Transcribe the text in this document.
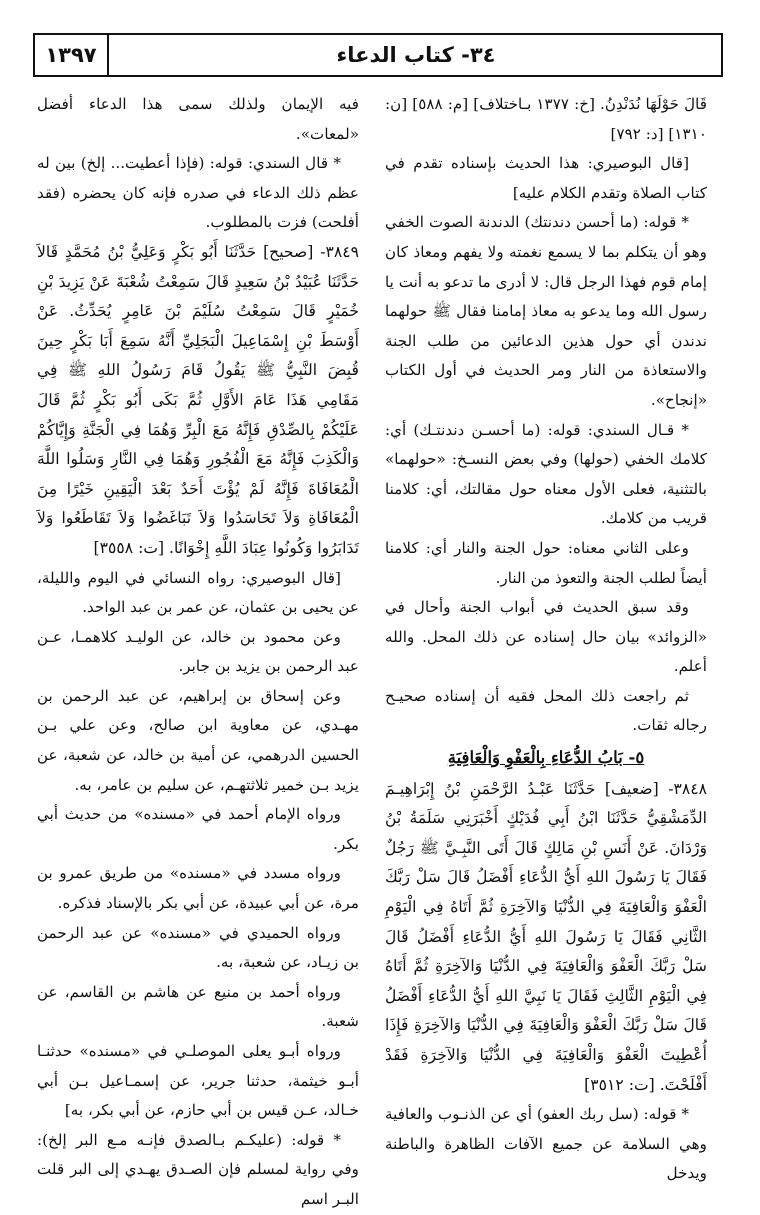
١٣٩٧	٣٤- كتاب الدعاء

قَالَ حَوْلَهَا نُدَنْدِنُ. [خ: ١٣٧٧ بـاختلاف] [م: ٥٨٨] [ن: ١٣١٠] [د: ٧٩٢]

[قال البوصيري: هذا الحديث بإسناده تقدم في كتاب الصلاة وتقدم الكلام عليه]

* قوله: (ما أحسن دندنتك) الدندنة الصوت الخفي وهو أن يتكلم بما لا يسمع نغمته ولا يفهم ومعاذ كان إمام قوم فهذا الرجل قال: لا أدرى ما تدعو به أنت يا رسول الله وما يدعو به معاذ إمامنا فقال ﷺ حولهما ندندن أي حول هذين الدعائين من طلب الجنة والاستعاذة من النار ومر الحديث في أول الكتاب «إنجاح».

* قـال السندي: قوله: (ما أحسـن دندنتـك) أي: كلامك الخفي (حولها) وفي بعض النسـخ: «حولهما» بالتثنية، فعلى الأول معناه حول مقالتك، أي: كلامنا قريب من كلامك.

وعلى الثاني معناه: حول الجنة والنار أي: كلامنا أيضاً لطلب الجنة والتعوذ من النار.

وقد سبق الحديث في أبواب الجنة وأحال في «الزوائد» بيان حال إسناده عن ذلك المحل. والله أعلم.

ثم راجعت ذلك المحل فقيه أن إسناده صحيـح رجاله ثقات.

٥- بَابُ الدُّعَاءِ بِالْعَفْوِ وَالْعَافِيَةِ

٣٨٤٨- [ضعيف] حَدَّثَنَا عَبْـدُ الرَّحْمَنِ بْنُ إِبْرَاهِيـمَ الدِّمَشْقِيُّ حَدَّثَنَا ابْنُ أَبِي فُدَيْكٍ أَخْبَرَنِي سَلَمَةُ بْنُ وَرْدَانَ. عَنْ أَنَسِ بْنِ مَالِكٍ قَالَ أَتَى النَّبِـيَّ ﷺ رَجُلٌ فَقَالَ يَا رَسُولَ اللهِ أَيُّ الدُّعَاءِ أَفْضَلُ قَالَ سَلْ رَبَّكَ الْعَفْوَ وَالْعَافِيَةَ فِي الدُّنْيَا وَالآخِرَةِ ثُمَّ أَتَاهُ فِي الْيَوْمِ الثَّانِي فَقَالَ يَا رَسُولَ اللهِ أَيُّ الدُّعَاءِ أَفْضَلُ قَالَ سَلْ رَبَّكَ الْعَفْوَ وَالْعَافِيَةَ فِي الدُّنْيَا وَالآخِرَةِ ثُمَّ أَتَاهُ فِي الْيَوْمِ الثَّالِثِ فَقَالَ يَا نَبِيَّ اللهِ أَيُّ الدُّعَاءِ أَفْضَلُ قَالَ سَلْ رَبَّكَ الْعَفْوَ وَالْعَافِيَةَ فِي الدُّنْيَا وَالآخِرَةِ فَإِذَا أُعْطِيتَ الْعَفْوَ وَالْعَافِيَةَ فِي الدُّنْيَا وَالآخِرَةِ فَقَدْ أَفْلَحْتَ. [ت: ٣٥١٢]

* قوله: (سل ربك العفو) أي عن الذنـوب والعافية وهي السلامة عن جميع الآفات الظاهرة والباطنة ويدخل

فيه الإيمان ولذلك سمى هذا الدعاء أفضل «لمعات».

* قال السندي: قوله: (فإذا أعطيت... إلخ) بين له عظم ذلك الدعاء في صدره فإنه كان يحضره (فقد أفلحت) فزت بالمطلوب.

٣٨٤٩- [صحيح] حَدَّثَنَا أَبُو بَكْرٍ وَعَلِيُّ بْنُ مُحَمَّدٍ قَالاَ حَدَّثَنَا عُبَيْدُ بْنُ سَعِيدٍ قَالَ سَمِعْتُ شُعْبَةَ عَنْ يَزِيدَ بْنِ خُمَيْرٍ قَالَ سَمِعْتُ سُلَيْمَ بْنَ عَامِرٍ يُحَدِّثُ. عَنْ أَوْسَطَ بْنِ إِسْمَاعِيلَ الْبَجَلِيِّ أَنَّهُ سَمِعَ أَبَا بَكْرٍ حِينَ قُبِضَ النَّبِيُّ ﷺ يَقُولُ قَامَ رَسُولُ اللهِ ﷺ فِي مَقَامِي هَذَا عَامَ الأَوَّلِ ثُمَّ بَكَى أَبُو بَكْرٍ ثُمَّ قَالَ عَلَيْكُمْ بِالصِّدْقِ فَإِنَّهُ مَعَ الْبِرِّ وَهُمَا فِي الْجَنَّةِ وَإِيَّاكُمْ وَالْكَذِبَ فَإِنَّهُ مَعَ الْفُجُورِ وَهُمَا فِي النَّارِ وَسَلُوا اللَّهَ الْمُعَافَاةَ فَإِنَّهُ لَمْ يُؤْتَ أَحَدٌ بَعْدَ الْيَقِينِ خَيْرًا مِنَ الْمُعَافَاةِ وَلاَ تَحَاسَدُوا وَلاَ تَبَاغَضُوا وَلاَ تَقَاطَعُوا وَلاَ تَدَابَرُوا وَكُونُوا عِبَادَ اللَّهِ إِخْوَانًا. [ت: ٣٥٥٨]

[قال البوصيري: رواه النسائي في اليوم والليلة، عن يحيى بن عثمان، عن عمر بن عبد الواحد.

وعن محمود بن خالد، عن الوليـد كلاهمـا، عـن عبد الرحمن بن يزيد بن جابر.

وعن إسحاق بن إبراهيم، عن عبد الرحمن بن مهـدي، عن معاوية ابن صالح، وعن علي بـن الحسين الدرهمي، عن أمية بن خالد، عن شعبة، عن يزيد بـن خمير ثلاثتهـم، عن سليم بن عامر، به.

ورواه الإمام أحمد في «مسنده» من حديث أبي بكر.

ورواه مسدد في «مسنده» من طريق عمرو بن مرة، عن أبي عبيدة، عن أبي بكر بالإسناد فذكره.

ورواه الحميدي في «مسنده» عن عبد الرحمن بن زيـاد، عن شعبة، به.

ورواه أحمد بن منيع عن هاشم بن القاسم، عن شعبة.

ورواه أبـو يعلى الموصلـي في «مسنده» حدثنـا أبـو خيثمة، حدثنا جرير، عن إسمـاعيل بـن أبي خـالد، عـن قيس بن أبي حازم، عن أبي بكر، به]

* قوله: (عليكـم بـالصدق فإنـه مـع البر إلخ): وفي رواية لمسلم فإن الصـدق يهـدي إلى البر قلت البـر اسم
